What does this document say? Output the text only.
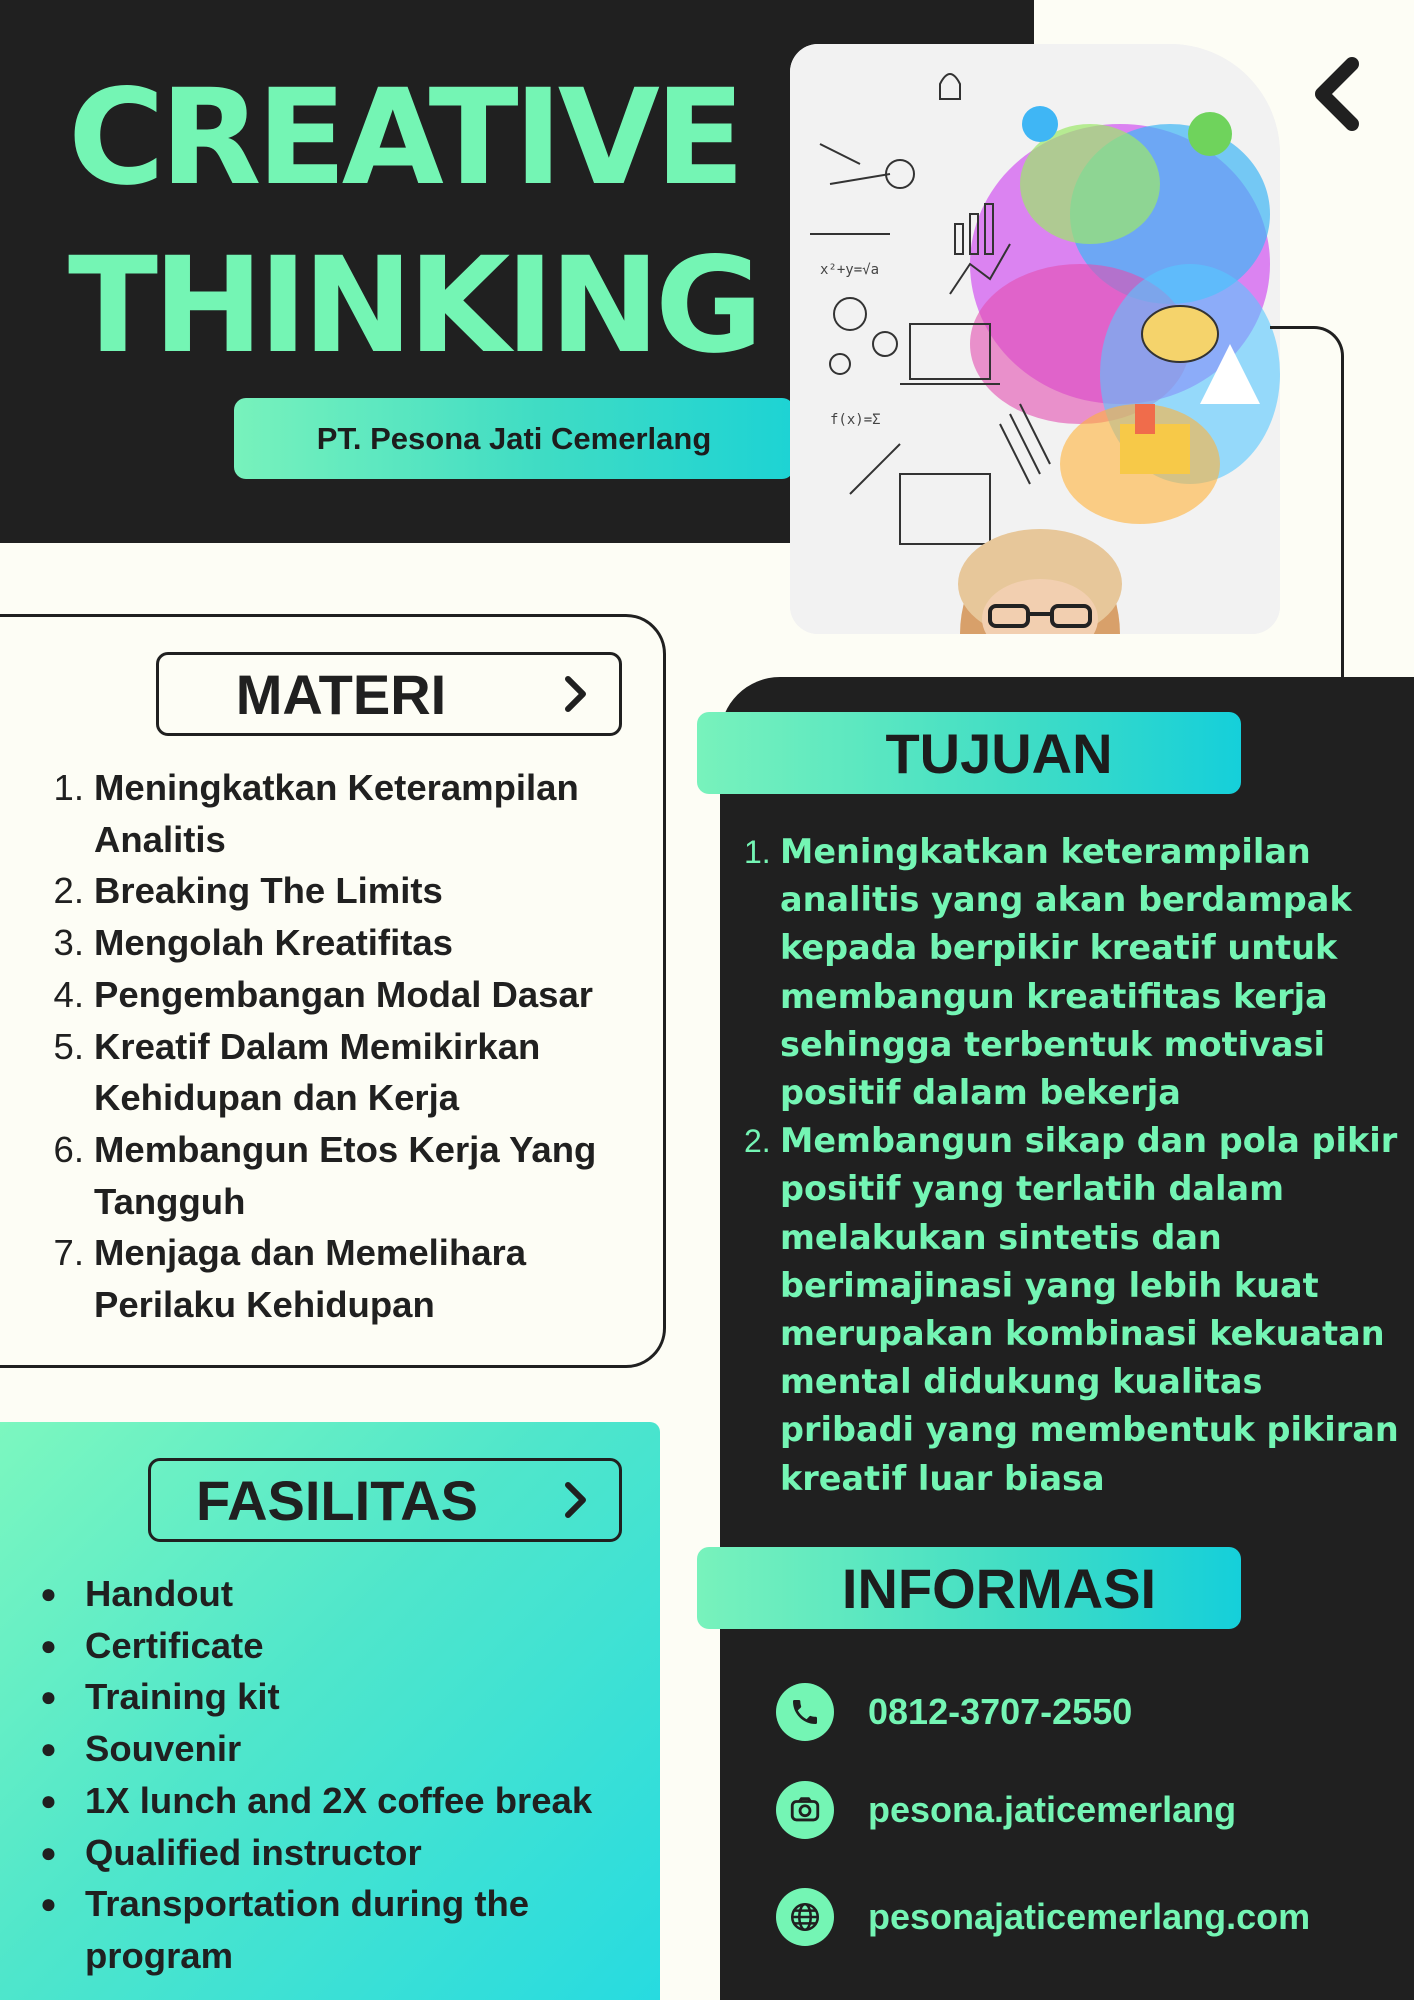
CREATIVE
THINKING
PT. Pesona Jati Cemerlang
x²+y=√a
f(x)=Σ
MATERI
1. Meningkatkan Keterampilan Analitis
2. Breaking The Limits
3. Mengolah Kreatifitas
4. Pengembangan Modal Dasar
5. Kreatif Dalam Memikirkan Kehidupan dan Kerja
6. Membangun Etos Kerja Yang Tangguh
7. Menjaga dan Memelihara Perilaku Kehidupan
FASILITAS
● Handout
● Certificate
● Training kit
● Souvenir
● 1X lunch and 2X coffee break
● Qualified instructor
● Transportation during the program
TUJUAN
1. Meningkatkan keterampilan analitis yang akan berdampak kepada berpikir kreatif untuk membangun kreatifitas kerja sehingga terbentuk motivasi positif dalam bekerja
2. Membangun sikap dan pola pikir positif yang terlatih dalam melakukan sintetis dan berimajinasi yang lebih kuat merupakan kombinasi kekuatan mental didukung kualitas pribadi yang membentuk pikiran kreatif luar biasa
INFORMASI
0812-3707-2550
pesona.jaticemerlang
pesonajaticemerlang.com
